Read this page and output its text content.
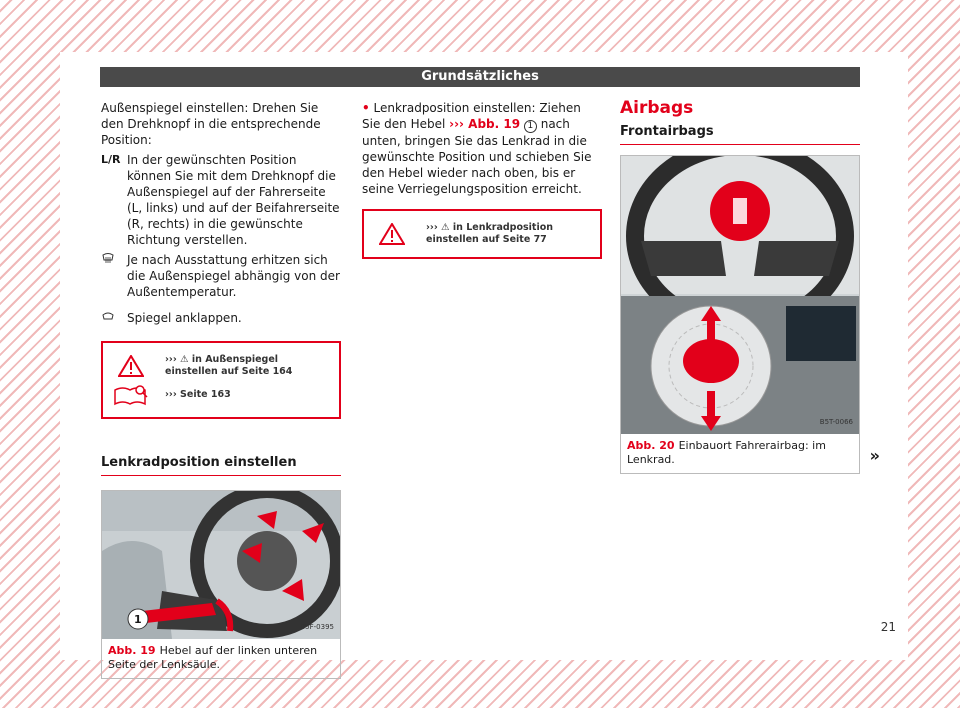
Grundsätzliches

Außenspiegel einstellen: Drehen Sie den Drehknopf in die entsprechende Position:

L/R In der gewünschten Position können Sie mit dem Drehknopf die Außenspiegel auf der Fahrerseite (L, links) und auf der Beifahrerseite (R, rechts) in die gewünschte Richtung verstellen.
Je nach Ausstattung erhitzen sich die Außenspiegel abhängig von der Außentemperatur.
Spiegel anklappen.
››› ⚠ in Außenspiegel einstellen auf Seite 164
››› Seite 163
Lenkradposition einstellen
1
B5F-0395
Abb. 19 Hebel auf der linken unteren Seite der Lenksäule.

• Lenkradposition einstellen: Ziehen Sie den Hebel ››› Abb. 19 1 nach unten, bringen Sie das Lenkrad in die gewünschte Position und schieben Sie den Hebel wieder nach oben, bis er seine Verriegelungsposition erreicht.

››› ⚠ in Lenkradposition einstellen auf Seite 77
Airbags
Frontairbags
B5T-0066
Abb. 20 Einbauort Fahrerairbag: im Lenkrad.	»
21
